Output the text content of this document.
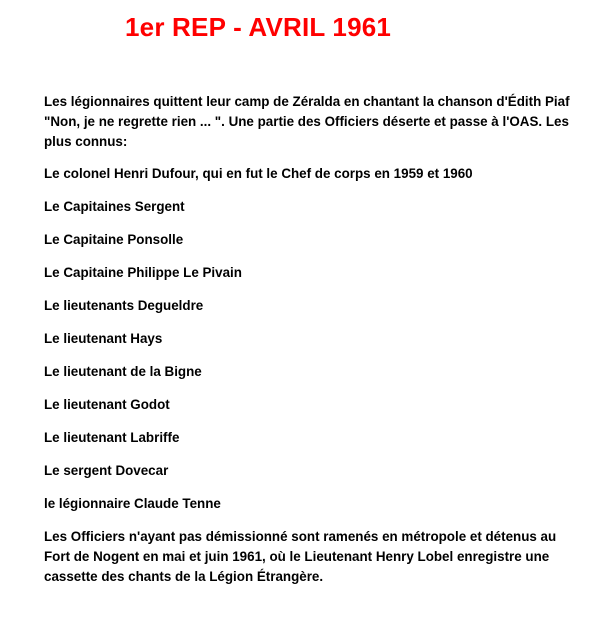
1er REP - AVRIL 1961

Les légionnaires quittent leur camp de Zéralda en chantant la chanson d'Édith Piaf "Non, je ne regrette rien ... ". Une partie des Officiers déserte et passe à l'OAS. Les plus connus:

Le colonel Henri Dufour, qui en fut le Chef de corps en 1959 et 1960
Le Capitaines Sergent
Le Capitaine Ponsolle
Le Capitaine Philippe Le Pivain
Le lieutenants Degueldre
Le lieutenant Hays
Le lieutenant de la Bigne
Le lieutenant Godot
Le lieutenant Labriffe
Le sergent Dovecar
le légionnaire Claude Tenne

Les Officiers n'ayant pas démissionné sont ramenés en métropole et détenus au Fort de Nogent en mai et juin 1961, où le Lieutenant Henry Lobel enregistre une cassette des chants de la Légion Étrangère.
